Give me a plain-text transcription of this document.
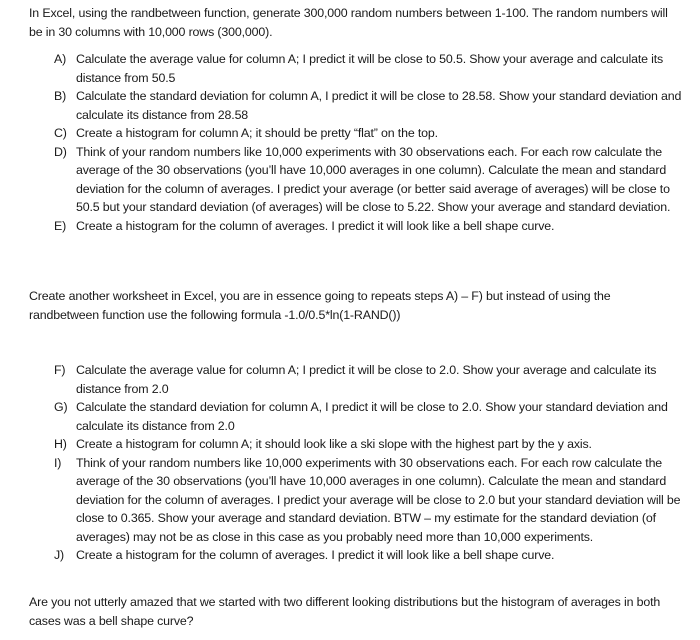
In Excel, using the randbetween function, generate 300,000 random numbers between 1-100. The random numbers will be in 30 columns with 10,000 rows (300,000).

A) Calculate the average value for column A; I predict it will be close to 50.5. Show your average and calculate its distance from 50.5
B) Calculate the standard deviation for column A, I predict it will be close to 28.58. Show your standard deviation and calculate its distance from 28.58
C) Create a histogram for column A; it should be pretty “flat” on the top.
D) Think of your random numbers like 10,000 experiments with 30 observations each. For each row calculate the average of the 30 observations (you’ll have 10,000 averages in one column). Calculate the mean and standard deviation for the column of averages. I predict your average (or better said average of averages) will be close to 50.5 but your standard deviation (of averages) will be close to 5.22. Show your average and standard deviation.
E) Create a histogram for the column of averages. I predict it will look like a bell shape curve.

Create another worksheet in Excel, you are in essence going to repeats steps A) – F) but instead of using the randbetween function use the following formula -1.0/0.5*ln(1-RAND())

F) Calculate the average value for column A; I predict it will be close to 2.0. Show your average and calculate its distance from 2.0
G) Calculate the standard deviation for column A, I predict it will be close to 2.0. Show your standard deviation and calculate its distance from 2.0
H) Create a histogram for column A; it should look like a ski slope with the highest part by the y axis.
I) Think of your random numbers like 10,000 experiments with 30 observations each. For each row calculate the average of the 30 observations (you’ll have 10,000 averages in one column). Calculate the mean and standard deviation for the column of averages. I predict your average will be close to 2.0 but your standard deviation will be close to 0.365. Show your average and standard deviation. BTW – my estimate for the standard deviation (of averages) may not be as close in this case as you probably need more than 10,000 experiments.
J) Create a histogram for the column of averages. I predict it will look like a bell shape curve.

Are you not utterly amazed that we started with two different looking distributions but the histogram of averages in both cases was a bell shape curve?
